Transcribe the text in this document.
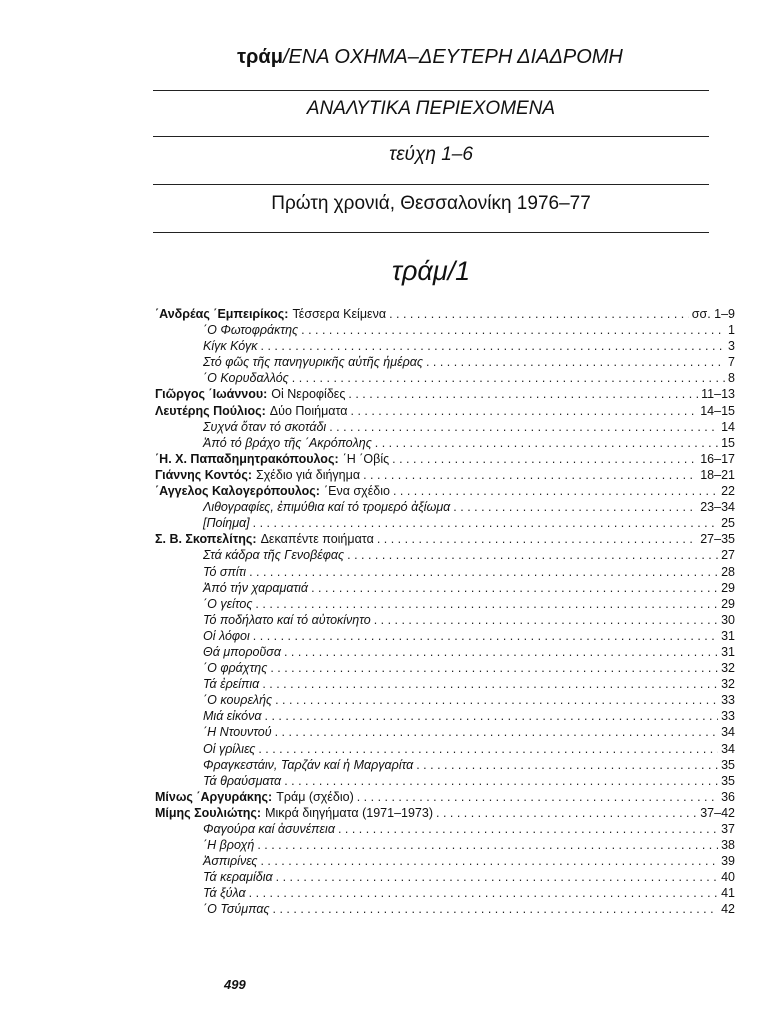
τράμ/ΕΝΑ ΟΧΗΜΑ–ΔΕΥΤΕΡΗ ΔΙΑΔΡΟΜΗ
ΑΝΑΛΥΤΙΚΑ ΠΕΡΙΕΧΟΜΕΝΑ
τεύχη 1–6
Πρώτη χρονιά, Θεσσαλονίκη 1976–77
τράμ/1
΄Ανδρέας ΄Εμπειρίκος: Τέσσερα Κείμενα . . .	σσ. 1–9
΄Ο Φωτοφράκτης . . .	1
Κίγκ Κόγκ . . .	3
Στό φῶς τῆς πανηγυρικῆς αὐτῆς ἡμέρας . . .	7
΄Ο Κορυδαλλός . . .	8
Γιῶργος ΄Ιωάννου: Οἱ Νεροφίδες . . .	11–13
Λευτέρης Πούλιος: Δύο Ποιήματα . . .	14–15
Συχνά ὅταν τό σκοτάδι . . .	14
Ἀπό τό βράχο τῆς ΄Ακρόπολης . . .	15
΄Η. Χ. Παπαδημητρακόπουλος: ΄Η ΄Οβίς . . .	16–17
Γιάννης Κοντός: Σχέδιο γιά διήγημα . . .	18–21
΄Αγγελος Καλογερόπουλος: ΄Ενα σχέδιο . . .	22
Λιθογραφίες, ἐπιμύθια καί τό τρομερό ἀξίωμα . . .	23–34
[Ποίημα] . . .	25
Σ. Β. Σκοπελίτης: Δεκαπέντε ποιήματα . . .	27–35
Στά κάδρα τῆς Γενοβέφας . . .	27
Τό σπίτι . . .	28
Ἀπό τήν χαραματιά . . .	29
΄Ο γείτος . . .	29
Τό ποδήλατο καί τό αὐτοκίνητο . . .	30
Οἱ λόφοι . . .	31
Θά μποροῦσα . . .	31
΄Ο φράχτης . . .	32
Τά ἐρείπια . . .	32
΄Ο κουρελής . . .	33
Μιά εἰκόνα . . .	33
΄Η Ντουντού . . .	34
Οἱ γρίλιες . . .	34
Φραγκεστάιν, Ταρζάν καί ἡ Μαργαρίτα . . .	35
Τά θραύσματα . . .	35
Μίνως ΄Αργυράκης: Τράμ (σχέδιο) . . .	36
Μίμης Σουλιώτης: Μικρά διηγήματα (1971–1973) . . .	37–42
Φαγούρα καί ἀσυνέπεια . . .	37
΄Η βροχή . . .	38
Ἀσπιρίνες . . .	39
Τά κεραμίδια . . .	40
Τά ξύλα . . .	41
΄Ο Τσύμπας . . .	42
499
